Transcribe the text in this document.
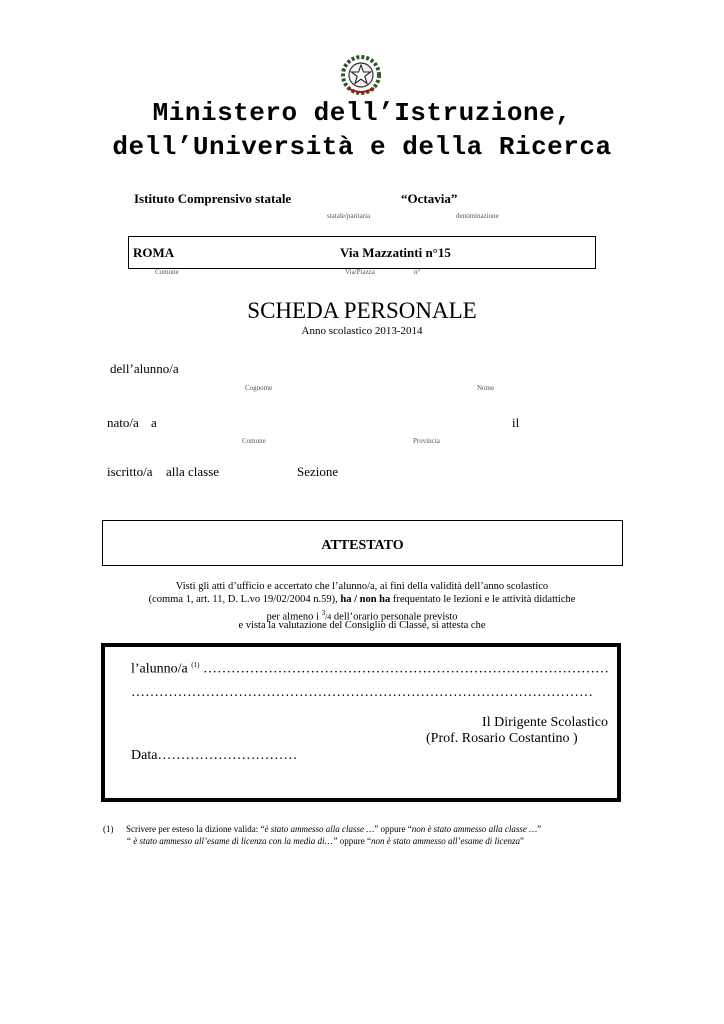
Ministero dell’Istruzione,
dell’Università e della Ricerca
Istituto Comprensivo statale	“Octavia”
statale/paritaria	denominazione
ROMA	Via Mazzatinti n°15
Comune	Via/Piazza	n°
SCHEDA PERSONALE
Anno scolastico 2013-2014
dell’alunno/a
Cognome	Nome
nato/a a	il
Comune	Provincia
iscritto/a alla classe	Sezione
ATTESTATO
Visti gli atti d’ufficio e accertato che l’alunno/a, ai fini della validità dell’anno scolastico
(comma 1, art. 11, D. L.vo 19/02/2004 n.59), ha / non ha frequentato le lezioni e le attività didattiche
per almeno i $^3$/4 dell’orario personale previsto
e vista la valutazione del Consiglio di Classe, si attesta che
l’alunno/a $^{(1)}$ ……………………………………………………………………………
………………………………………………………………………………………
Il Dirigente Scolastico
(Prof. Rosario Costantino )
Data…………………………
(1) Scrivere per esteso la dizione valida: “è stato ammesso alla classe …” oppure “non è stato ammesso alla classe …”
“ è stato ammesso all’esame di licenza con la media di…” oppure “non è stato ammesso all’esame di licenza”
